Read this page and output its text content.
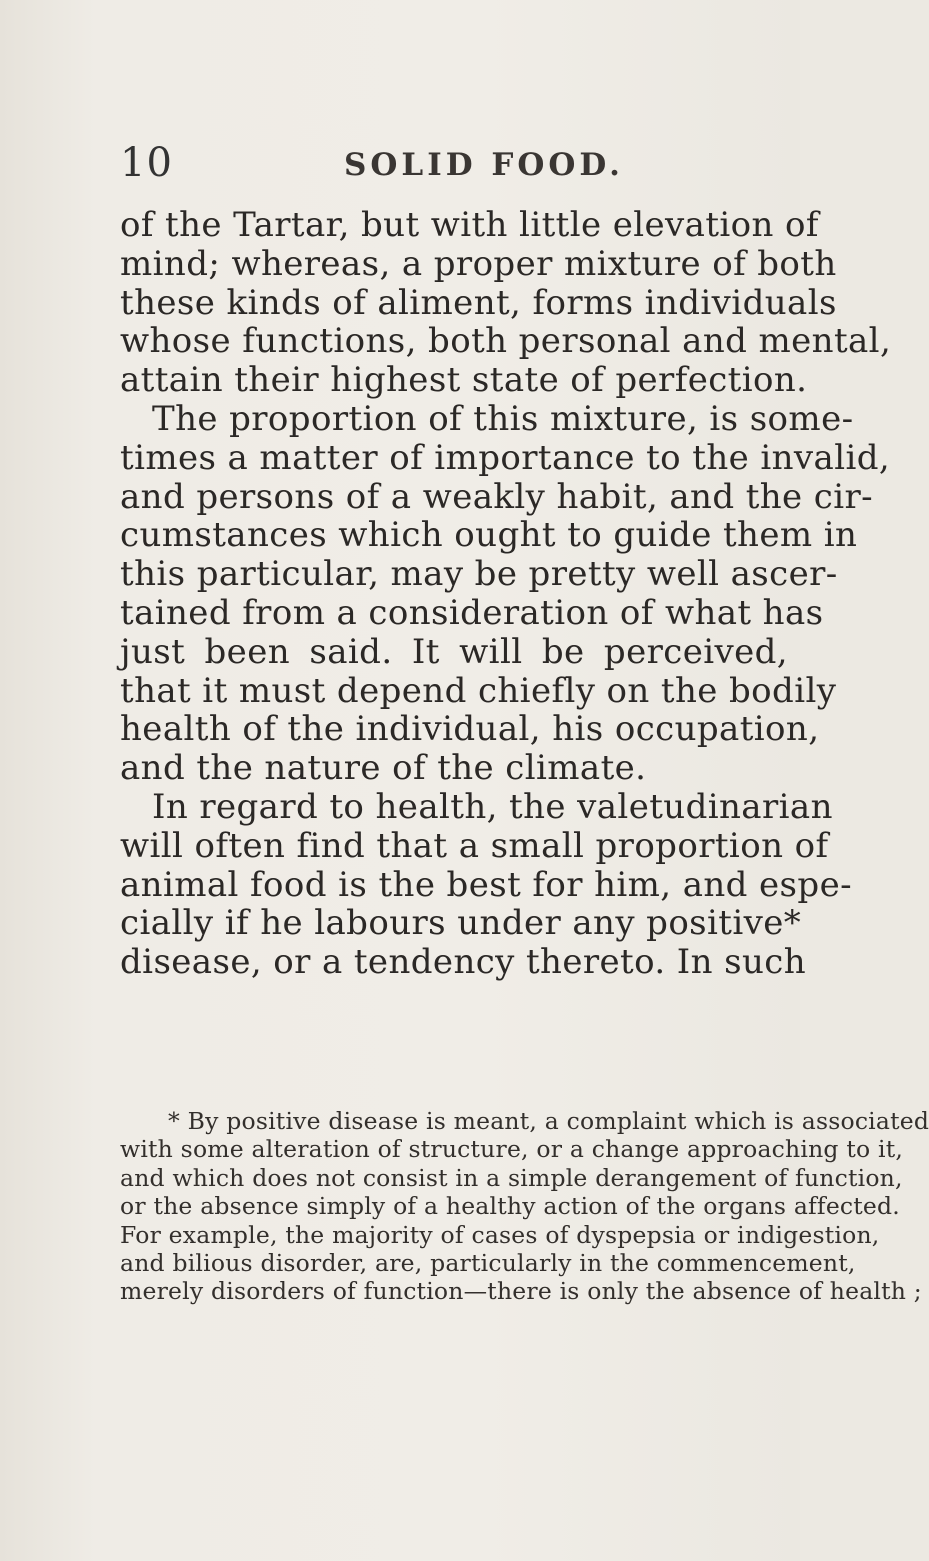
10	SOLID FOOD.
of the Tartar, but with little elevation of
mind; whereas, a proper mixture of both
these kinds of aliment, forms individuals
whose functions, both personal and mental,
attain their highest state of perfection.
The proportion of this mixture, is some-
times a matter of importance to the invalid,
and persons of a weakly habit, and the cir-
cumstances which ought to guide them in
this particular, may be pretty well ascer-
tained from a consideration of what has
just been said. It will be perceived,
that it must depend chiefly on the bodily
health of the individual, his occupation,
and the nature of the climate.
In regard to health, the valetudinarian
will often find that a small proportion of
animal food is the best for him, and espe-
cially if he labours under any positive*
disease, or a tendency thereto. In such
* By positive disease is meant, a complaint which is associated
with some alteration of structure, or a change approaching to it,
and which does not consist in a simple derangement of function,
or the absence simply of a healthy action of the organs affected.
For example, the majority of cases of dyspepsia or indigestion,
and bilious disorder, are, particularly in the commencement,
merely disorders of function—there is only the absence of health ;
